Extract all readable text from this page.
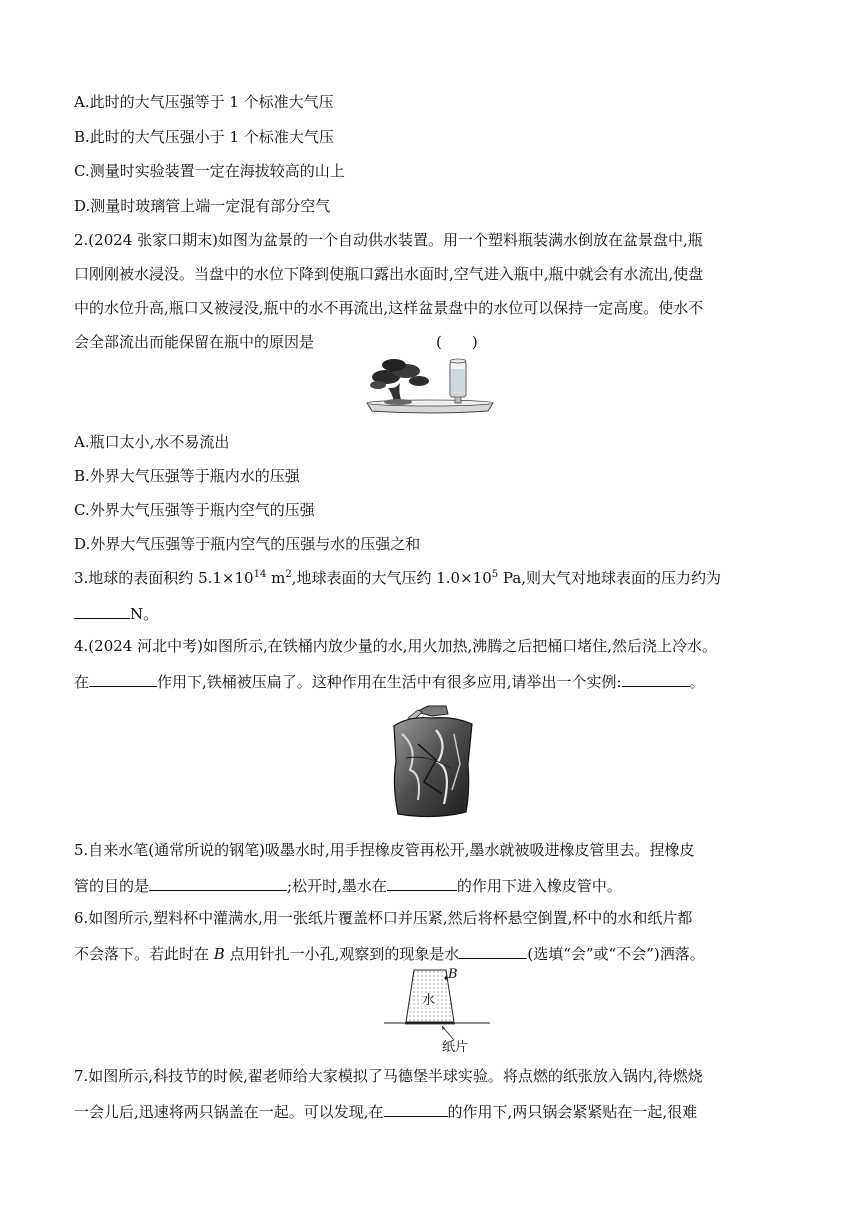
A.此时的大气压强等于 1 个标准大气压
B.此时的大气压强小于 1 个标准大气压
C.测量时实验装置一定在海拔较高的山上
D.测量时玻璃管上端一定混有部分空气
2.(2024 张家口期末)如图为盆景的一个自动供水装置。用一个塑料瓶装满水倒放在盆景盘中,瓶
口刚刚被水浸没。当盘中的水位下降到使瓶口露出水面时,空气进入瓶中,瓶中就会有水流出,使盘
中的水位升高,瓶口又被浸没,瓶中的水不再流出,这样盆景盘中的水位可以保持一定高度。使水不
会全部流出而能保留在瓶中的原因是	(　　)
A.瓶口太小,水不易流出
B.外界大气压强等于瓶内水的压强
C.外界大气压强等于瓶内空气的压强
D.外界大气压强等于瓶内空气的压强与水的压强之和
3.地球的表面积约 $5.1\times 10^{14}$ $m^2$,地球表面的大气压约 $1.0\times 10^5$ Pa,则大气对地球表面的压力约为
N。
4.(2024 河北中考)如图所示,在铁桶内放少量的水,用火加热,沸腾之后把桶口堵住,然后浇上冷水。
在	作用下,铁桶被压扁了。这种作用在生活中有很多应用,请举出一个实例:	。
5.自来水笔(通常所说的钢笔)吸墨水时,用手捏橡皮管再松开,墨水就被吸进橡皮管里去。捏橡皮
管的目的是	;松开时,墨水在	的作用下进入橡皮管中。
6.如图所示,塑料杯中灌满水,用一张纸片覆盖杯口并压紧,然后将杯悬空倒置,杯中的水和纸片都
不会落下。若此时在 B 点用针扎一小孔,观察到的现象是水	(选填“会”或“不会”)洒落。
B
水
纸片
7.如图所示,科技节的时候,翟老师给大家模拟了马德堡半球实验。将点燃的纸张放入锅内,待燃烧
一会儿后,迅速将两只锅盖在一起。可以发现,在	的作用下,两只锅会紧紧贴在一起,很难
